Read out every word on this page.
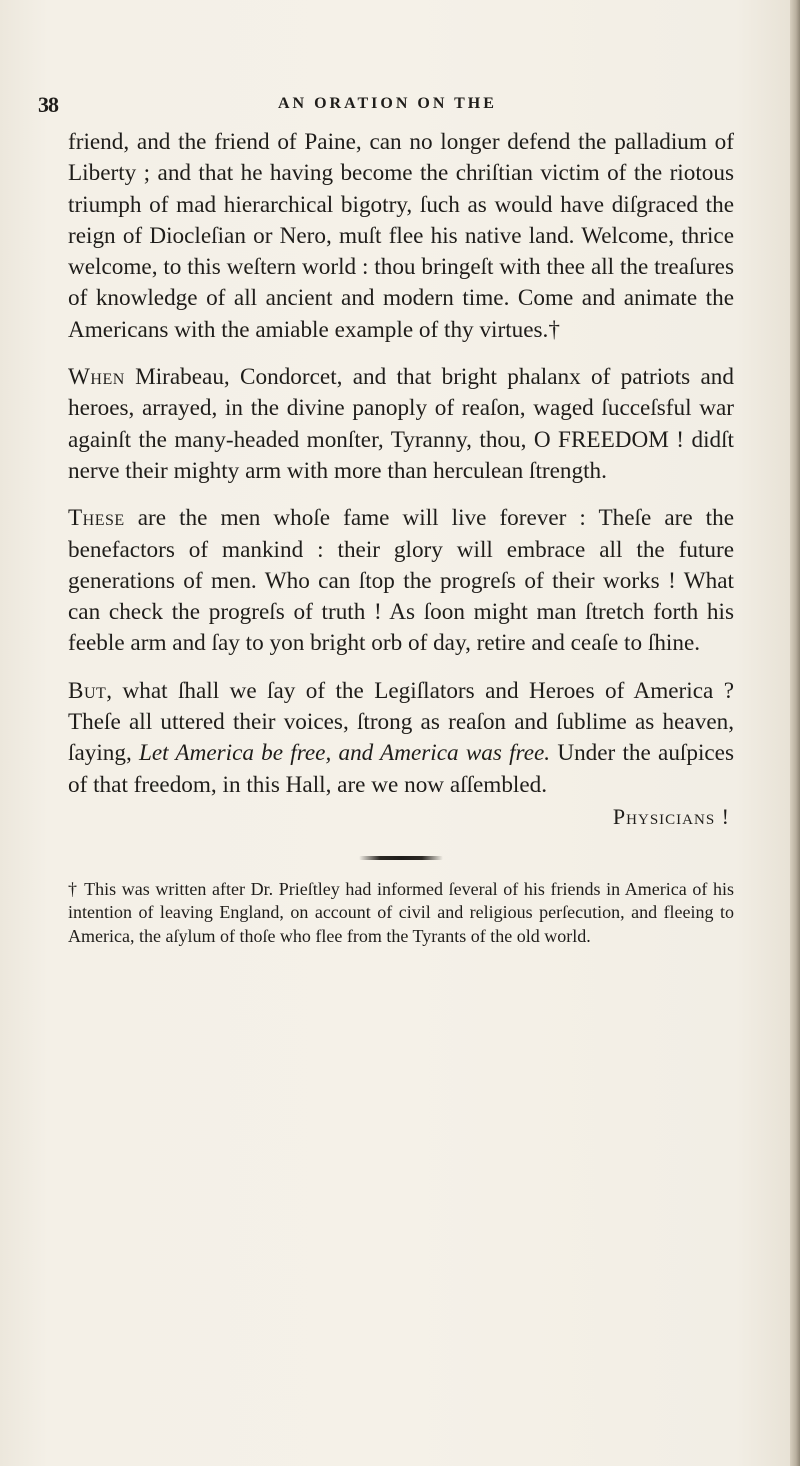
38	AN ORATION ON THE

friend, and the friend of Paine, can no longer defend the palladium of Liberty ; and that he having become the chriſtian victim of the riotous triumph of mad hierarchical bigotry, ſuch as would have diſgraced the reign of Diocleſian or Nero, muſt flee his native land. Welcome, thrice welcome, to this weſtern world : thou bringeſt with thee all the treaſures of knowledge of all ancient and modern time. Come and animate the Americans with the amiable example of thy virtues.†

When Mirabeau, Condorcet, and that bright phalanx of patriots and heroes, arrayed, in the divine panoply of reaſon, waged ſucceſsful war againſt the many-headed monſter, Tyranny, thou, O FREEDOM ! didſt nerve their mighty arm with more than herculean ſtrength.

These are the men whoſe fame will live forever : Theſe are the benefactors of mankind : their glory will embrace all the future generations of men. Who can ſtop the progreſs of their works ! What can check the progreſs of truth ! As ſoon might man ſtretch forth his feeble arm and ſay to yon bright orb of day, retire and ceaſe to ſhine.

But, what ſhall we ſay of the Legiſlators and Heroes of America ? Theſe all uttered their voices, ſtrong as reaſon and ſublime as heaven, ſaying, Let America be free, and America was free. Under the auſpices of that freedom, in this Hall, are we now aſſembled.

Physicians !

† This was written after Dr. Prieſtley had informed ſeveral of his friends in America of his intention of leaving England, on account of civil and religious perſecution, and fleeing to America, the aſylum of thoſe who flee from the Tyrants of the old world.
